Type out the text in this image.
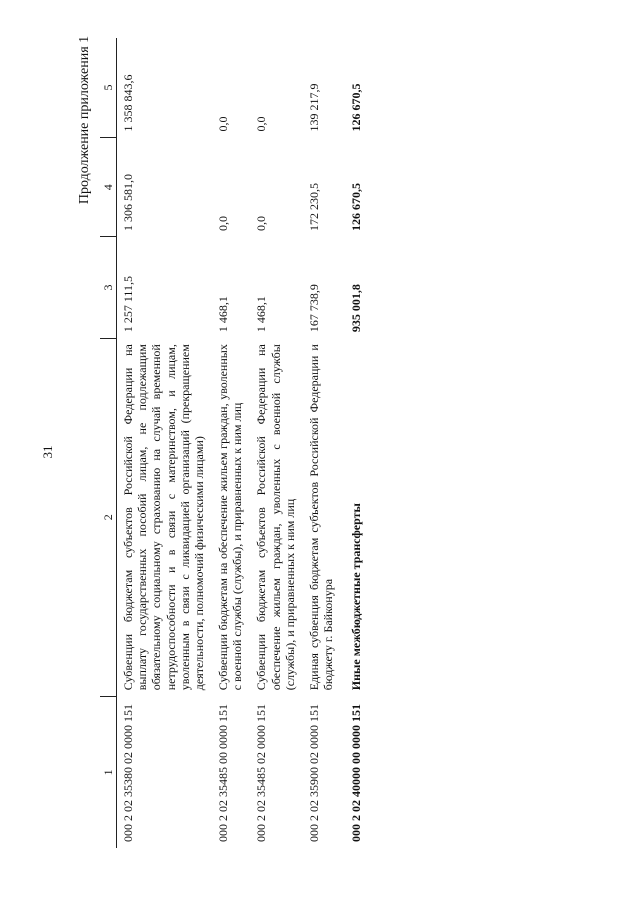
31
Продолжение приложения 1
1	2	3	4	5
000 2 02 35380 02 0000 151	Субвенции бюджетам субъектов Российской Федерации на выплату государственных пособий лицам, не подлежащим обязательному социальному страхованию на случай временной нетрудоспособности и в связи с материнством, и лицам, уволенным в связи с ликвидацией организаций (прекращением деятельности, полномочий физическими лицами)	1 257 111,5	1 306 581,0	1 358 843,6
000 2 02 35485 00 0000 151	Субвенции бюджетам на обеспечение жильем граждан, уволенных с военной службы (службы), и приравненных к ним лиц	1 468,1	0,0	0,0
000 2 02 35485 02 0000 151	Субвенции бюджетам субъектов Российской Федерации на обеспечение жильем граждан, уволенных с военной службы (службы), и приравненных к ним лиц	1 468,1	0,0	0,0
000 2 02 35900 02 0000 151	Единая субвенция бюджетам субъектов Российской Федерации и бюджету г. Байконура	167 738,9	172 230,5	139 217,9
000 2 02 40000 00 0000 151	Иные межбюджетные трансферты	935 001,8	126 670,5	126 670,5
